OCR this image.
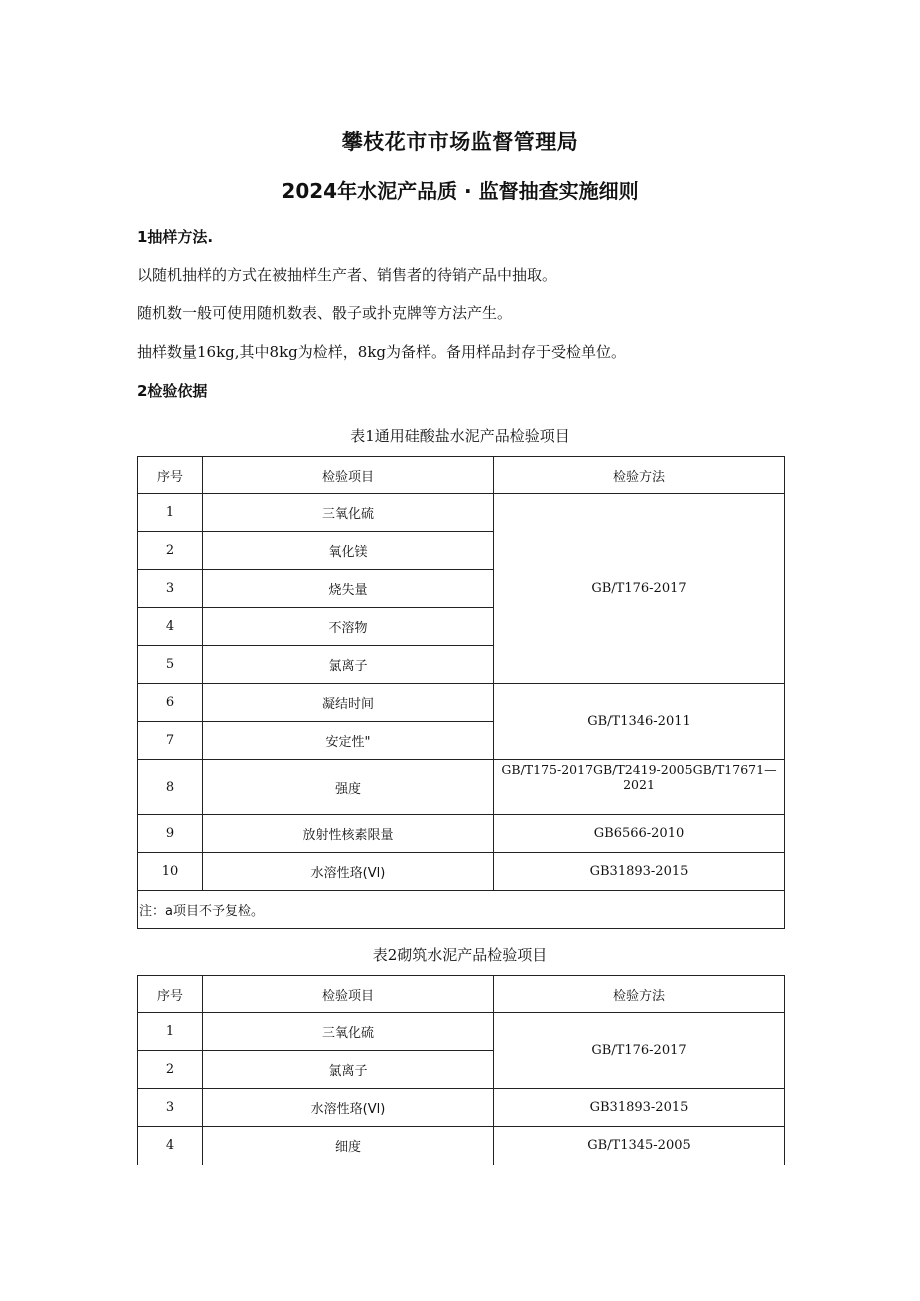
攀枝花市市场监督管理局
2024年水泥产品质 · 监督抽查实施细则
1抽样方法.
以随机抽样的方式在被抽样生产者、销售者的待销产品中抽取。
随机数一般可使用随机数表、骰子或扑克牌等方法产生。
抽样数量16kg,其中8kg为检样，8kg为备样。备用样品封存于受检单位。
2检验依据
表1通用硅酸盐水泥产品检验项目
序号	检验项目	检验方法
1	三氧化硫	GB/T176-2017
2	氧化镁	
3	烧失量	
4	不溶物	
5	氯离子	
6	凝结时间	GB/T1346-2011
7	安定性"	
8	强度	GB/T175-2017GB/T2419-2005GB/T17671—2021
9	放射性核素限量	GB6566-2010
10	水溶性珞(Vl)	GB31893-2015
注：a项目不予复检。		
表2砌筑水泥产品检验项目
序号	检验项目	检验方法
1	三氧化硫	GB/T176-2017
2	氯离子	
3	水溶性珞(Vl)	GB31893-2015
4	细度	GB/T1345-2005
